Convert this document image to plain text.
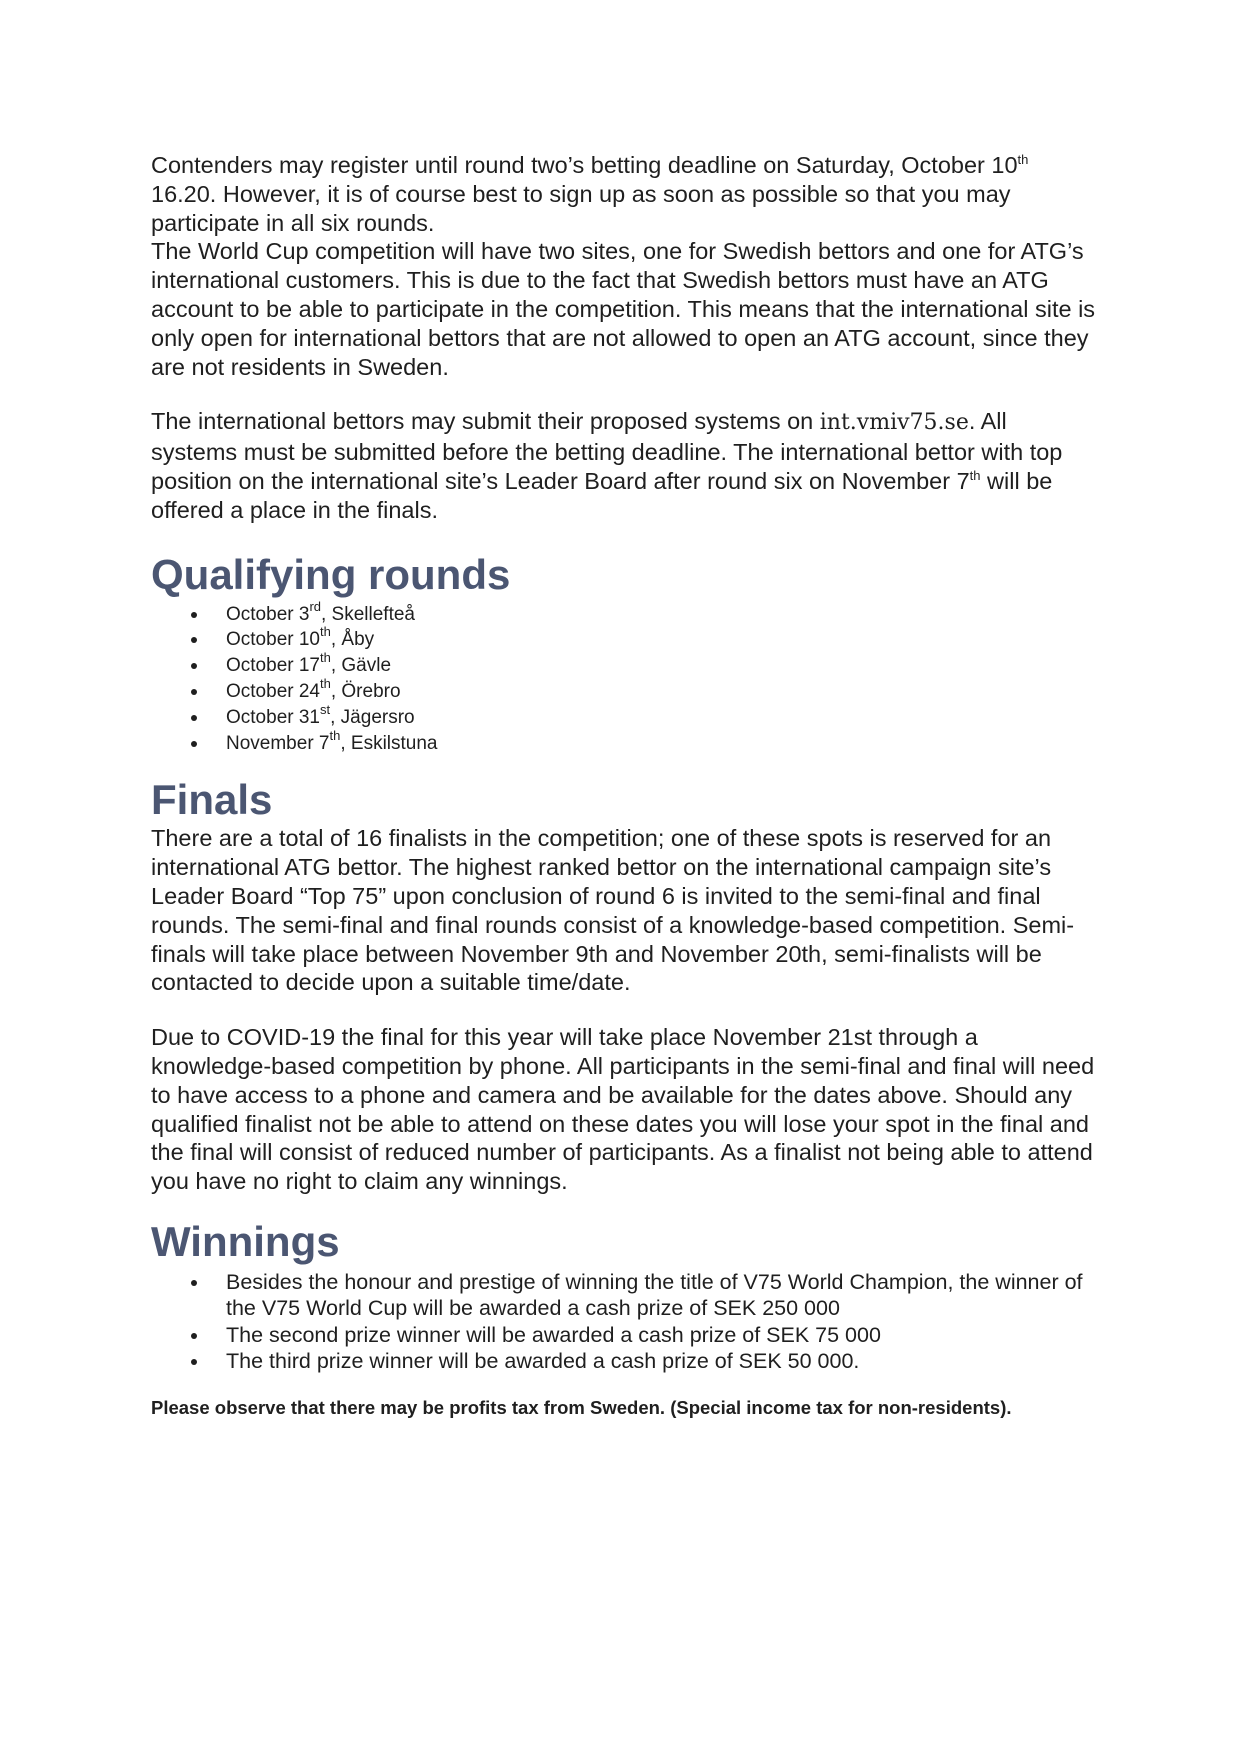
Contenders may register until round two’s betting deadline on Saturday, October 10th 16.20. However, it is of course best to sign up as soon as possible so that you may participate in all six rounds.

The World Cup competition will have two sites, one for Swedish bettors and one for ATG’s international customers. This is due to the fact that Swedish bettors must have an ATG account to be able to participate in the competition. This means that the international site is only open for international bettors that are not allowed to open an ATG account, since they are not residents in Sweden.

The international bettors may submit their proposed systems on int.vmiv75.se. All systems must be submitted before the betting deadline. The international bettor with top position on the international site’s Leader Board after round six on November 7th will be offered a place in the finals.

Qualifying rounds
October 3rd, Skellefteå
October 10th, Åby
October 17th, Gävle
October 24th, Örebro
October 31st, Jägersro
November 7th, Eskilstuna
Finals

There are a total of 16 finalists in the competition; one of these spots is reserved for an international ATG bettor. The highest ranked bettor on the international campaign site’s Leader Board “Top 75” upon conclusion of round 6 is invited to the semi-final and final rounds. The semi-final and final rounds consist of a knowledge-based competition. Semi-finals will take place between November 9th and November 20th, semi-finalists will be contacted to decide upon a suitable time/date.

Due to COVID-19 the final for this year will take place November 21st through a knowledge-based competition by phone. All participants in the semi-final and final will need to have access to a phone and camera and be available for the dates above. Should any qualified finalist not be able to attend on these dates you will lose your spot in the final and the final will consist of reduced number of participants. As a finalist not being able to attend you have no right to claim any winnings.

Winnings
Besides the honour and prestige of winning the title of V75 World Champion, the winner of the V75 World Cup will be awarded a cash prize of SEK 250 000
The second prize winner will be awarded a cash prize of SEK 75 000
The third prize winner will be awarded a cash prize of SEK 50 000.

Please observe that there may be profits tax from Sweden. (Special income tax for non-residents).
